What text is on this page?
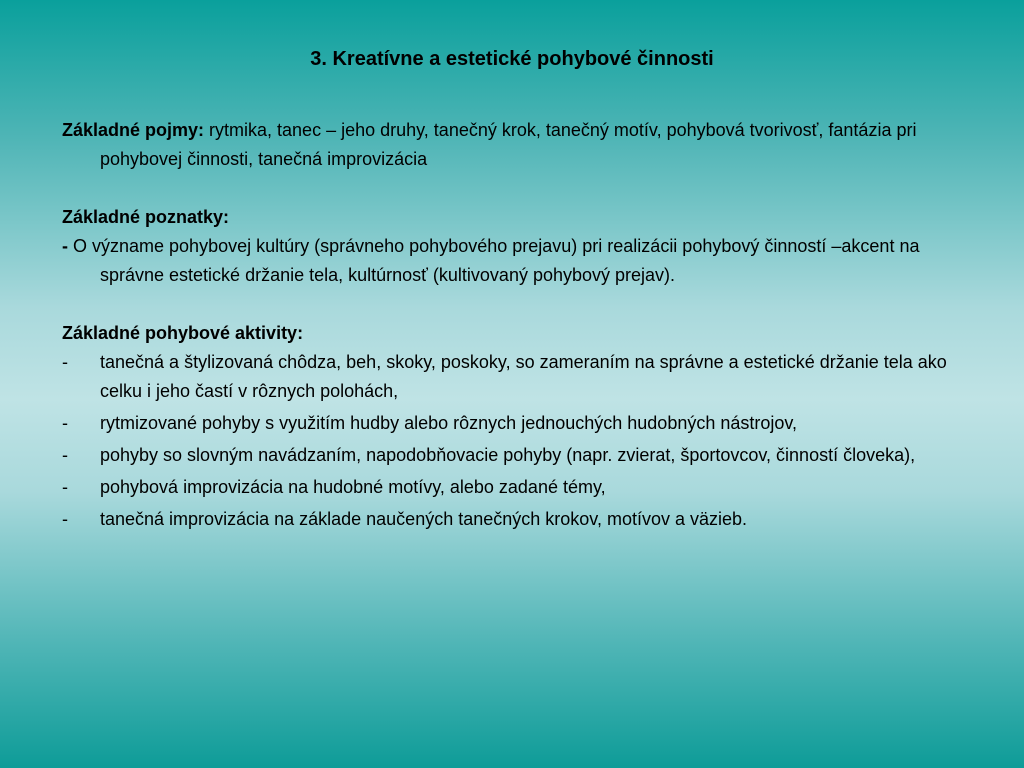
3. Kreatívne a estetické pohybové činnosti
Základné pojmy: rytmika, tanec – jeho druhy, tanečný krok, tanečný motív, pohybová tvorivosť, fantázia pri pohybovej činnosti, tanečná improvizácia
Základné poznatky:
- O význame pohybovej kultúry (správneho pohybového prejavu) pri realizácii pohybový činností –akcent na správne estetické držanie tela, kultúrnosť (kultivovaný pohybový prejav).
Základné pohybové aktivity:
-	tanečná a štylizovaná chôdza, beh, skoky, poskoky, so zameraním na správne a estetické držanie tela ako celku i jeho častí v rôznych polohách,
-	rytmizované pohyby s využitím hudby alebo rôznych jednouchých hudobných nástrojov,
-	pohyby so slovným navádzaním, napodobňovacie pohyby (napr. zvierat, športovcov, činností človeka),
-	pohybová improvizácia na hudobné motívy, alebo zadané témy,
-	tanečná improvizácia na základe naučených tanečných krokov, motívov a väzieb.
